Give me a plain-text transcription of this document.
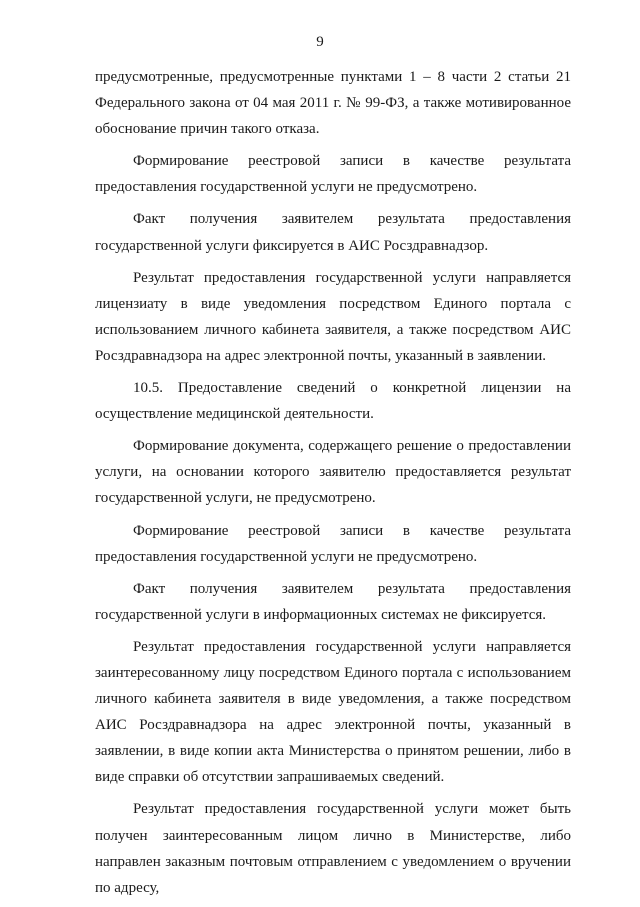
9

предусмотренные, предусмотренные пунктами 1 – 8 части 2 статьи 21 Федерального закона от 04 мая 2011 г. № 99-ФЗ, а также мотивированное обоснование причин такого отказа.

Формирование реестровой записи в качестве результата предоставления государственной услуги не предусмотрено.

Факт получения заявителем результата предоставления государственной услуги фиксируется в АИС Росздравнадзор.

Результат предоставления государственной услуги направляется лицензиату в виде уведомления посредством Единого портала с использованием личного кабинета заявителя, а также посредством АИС Росздравнадзора на адрес электронной почты, указанный в заявлении.

10.5. Предоставление сведений о конкретной лицензии на осуществление медицинской деятельности.

Формирование документа, содержащего решение о предоставлении услуги, на основании которого заявителю предоставляется результат государственной услуги, не предусмотрено.

Формирование реестровой записи в качестве результата предоставления государственной услуги не предусмотрено.

Факт получения заявителем результата предоставления государственной услуги в информационных системах не фиксируется.

Результат предоставления государственной услуги направляется заинтересованному лицу посредством Единого портала с использованием личного кабинета заявителя в виде уведомления, а также посредством АИС Росздравнадзора на адрес электронной почты, указанный в заявлении, в виде копии акта Министерства о принятом решении, либо в виде справки об отсутствии запрашиваемых сведений.

Результат предоставления государственной услуги может быть получен заинтересованным лицом лично в Министерстве, либо направлен заказным почтовым отправлением с уведомлением о вручении по адресу,
